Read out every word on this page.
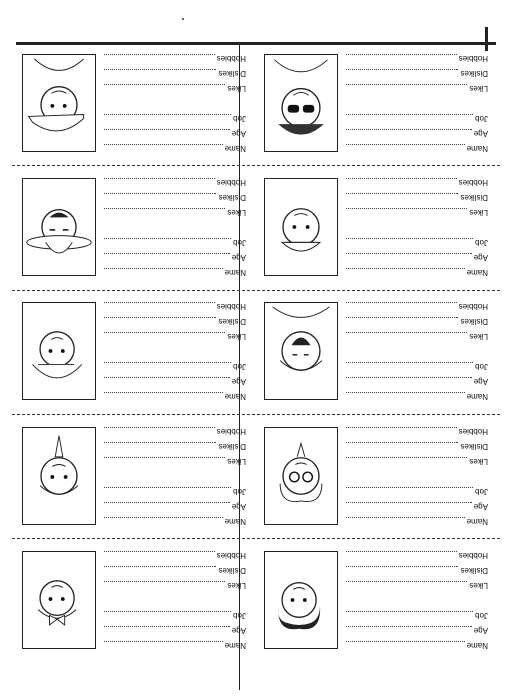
Name
Age
Job
Likes
Dislikes
Hobbies
Name
Age
Job
Likes
Dislikes
Hobbies
Name
Age
Job
Likes
Dislikes
Hobbies
Name
Age
Job
Likes
Dislikes
Hobbies
Name
Age
Job
Likes
Dislikes
Hobbies
Name
Age
Job
Likes
Dislikes
Hobbies
Name
Age
Job
Likes
Dislikes
Hobbies
Name
Age
Job
Likes
Dislikes
Hobbies
Name
Age
Job
Likes
Dislikes
Hobbies
Name
Age
Job
Likes
Dislikes
Hobbies
